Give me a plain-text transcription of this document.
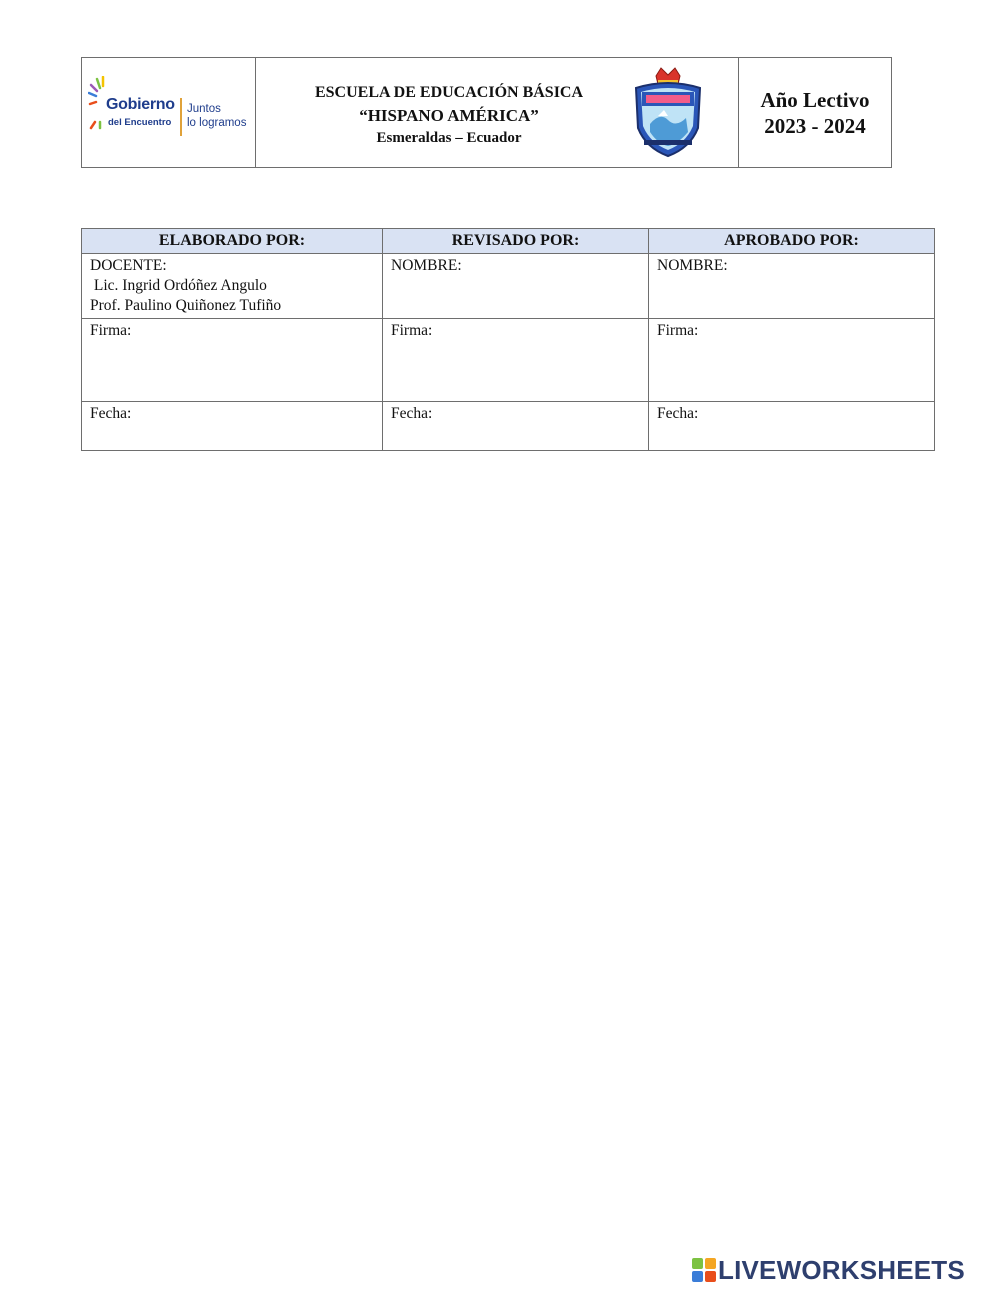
Gobierno
del Encuentro
Juntos
lo logramos
ESCUELA DE EDUCACIÓN BÁSICA
“HISPANO AMÉRICA”
Esmeraldas – Ecuador
Año Lectivo
2023 - 2024
ELABORADO POR:	REVISADO POR:	APROBADO POR:

DOCENTE:
Lic. Ingrid Ordóñez Angulo
Prof. Paulino Quiñonez Tufiño	NOMBRE:	NOMBRE:

Firma:	Firma:	Firma:
Fecha:	Fecha:	Fecha:
LIVEWORKSHEETS
